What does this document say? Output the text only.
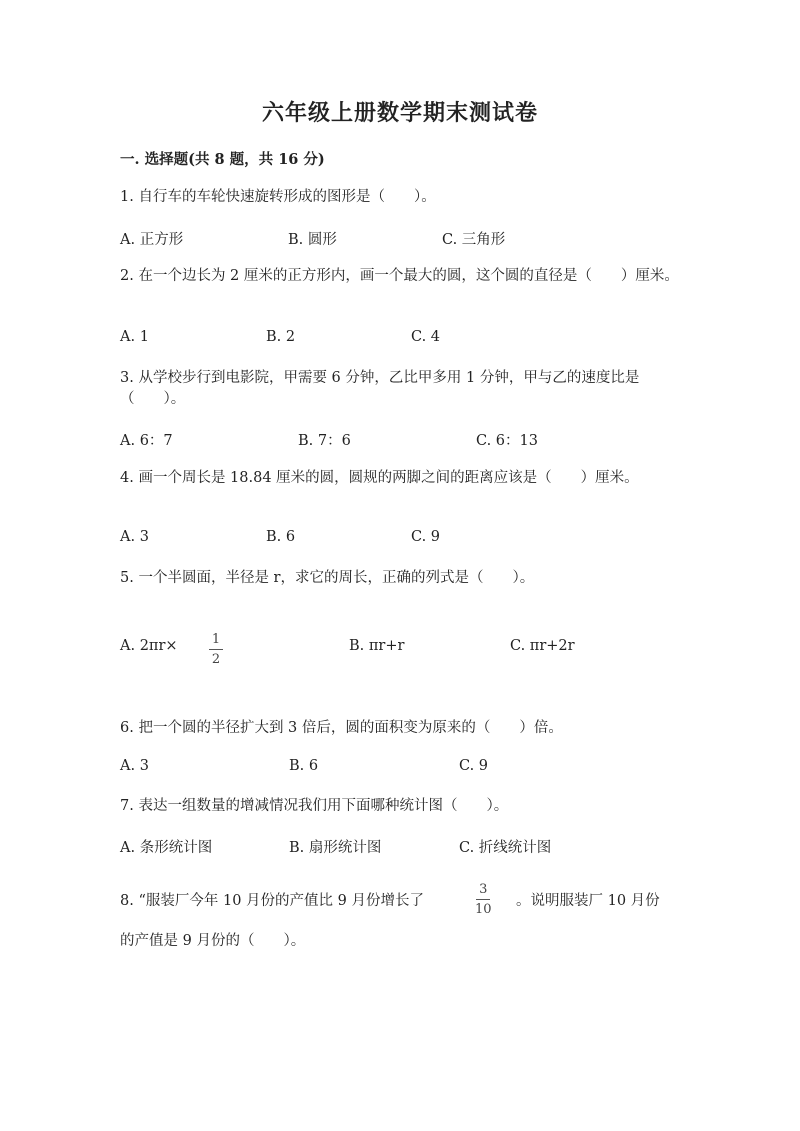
六年级上册数学期末测试卷
一. 选择题(共 8 题，共 16 分)
1. 自行车的车轮快速旋转形成的图形是（　　）。
A. 正方形	B. 圆形	C. 三角形
2. 在一个边长为 2 厘米的正方形内，画一个最大的圆，这个圆的直径是（　　）厘米。
A. 1	B. 2	C. 4
3. 从学校步行到电影院，甲需要 6 分钟，乙比甲多用 1 分钟，甲与乙的速度比是（　　）。
A. 6：7	B. 7：6	C. 6：13
4. 画一个周长是 18.84 厘米的圆，圆规的两脚之间的距离应该是（　　）厘米。
A. 3	B. 6	C. 9
5. 一个半圆面，半径是 r，求它的周长，正确的列式是（　　）。
A. 2πr×	1
2
B. πr+r	C. πr+2r
6. 把一个圆的半径扩大到 3 倍后，圆的面积变为原来的（　　）倍。
A. 3	B. 6	C. 9
7. 表达一组数量的增减情况我们用下面哪种统计图（　　）。
A. 条形统计图	B. 扇形统计图	C. 折线统计图
8. “服装厂今年 10 月份的产值比 9 月份增长了
3
10
。说明服装厂 10 月份
的产值是 9 月份的（　　）。
